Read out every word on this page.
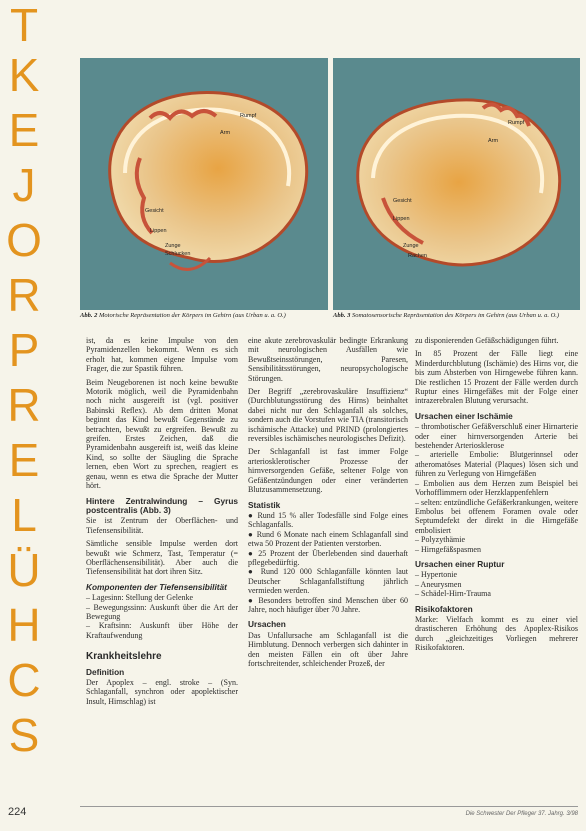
S
C
H
Ü
L
E
R
P
R
O
J
E
K
T
Rumpf
Arm
Gesicht
Lippen
Zunge
Schlucken
Abb. 2 Motorische Repräsentation der Körpers im Gehirn (aus Urban u. a. O.)
Rumpf
Arm
Gesicht
Lippen
Zunge
Rachen
Abb. 3 Somatosensorische Repräsentation des Körpers im Gehirn (aus Urban u. a. O.)

ist, da es keine Impulse von den Pyramidenzellen bekommt. Wenn es sich erholt hat, kommen eigene Impulse vom Frager, die zur Spastik führen.

Beim Neugeborenen ist noch keine bewußte Motorik möglich, weil die Pyramidenbahn noch nicht ausgereift ist (vgl. positiver Babinski Reflex). Ab dem dritten Monat beginnt das Kind bewußt Gegenstände zu betrachten, bewußt zu ergreifen. Bewußt zu greifen. Erstes Zeichen, daß die Pyramidenbahn ausgereift ist, weiß das kleine Kind, so sollte der Säugling die Sprache lernen, eben Wort zu sprechen, reagiert es genau, wenn es etwa die Sprache der Mutter hört.

Hintere Zentralwindung – Gyrus postcentralis (Abb. 3)

Sie ist Zentrum der Oberflächen- und Tiefensensibilität.

Sämtliche sensible Impulse werden dort bewußt wie Schmerz, Tast, Temperatur (= Oberflächensensibilität). Aber auch die Tiefensensibilität hat dort ihren Sitz.

Komponenten der Tiefensensibilität
– Lagesinn: Stellung der Gelenke
– Bewegungssinn: Auskunft über die Art der Bewegung
– Kraftsinn: Auskunft über Höhe der Kraftaufwendung
Krankheitslehre
Definition

Der Apoplex – engl. stroke – (Syn. Schlaganfall, synchron oder apoplektischer Insult, Hirnschlag) ist

eine akute zerebrovaskulär bedingte Erkrankung mit neurologischen Ausfällen wie Bewußtseinsstörungen, Paresen, Sensibilitätsstörungen, neuropsychologische Störungen.

Der Begriff „zerebrovaskuläre Insuffizienz“ (Durchblutungsstörung des Hirns) beinhaltet dabei nicht nur den Schlaganfall als solches, sondern auch die Vorstufen wie TIA (transitorisch ischämische Attacke) und PRIND (prolongiertes reversibles ischämisches neurologisches Defizit).

Der Schlaganfall ist fast immer Folge arteriosklerotischer Prozesse der hirnversorgenden Gefäße, seltener Folge von Gefäßentzündungen oder einer veränderten Blutzusammensetzung.

Statistik
● Rund 15 % aller Todesfälle sind Folge eines Schlaganfalls.
● Rund 6 Monate nach einem Schlaganfall sind etwa 50 Prozent der Patienten verstorben.
● 25 Prozent der Überlebenden sind dauerhaft pflegebedürftig.
● Rund 120 000 Schlaganfälle könnten laut Deutscher Schlaganfallstiftung jährlich vermieden werden.
● Besonders betroffen sind Menschen über 60 Jahre, noch häufiger über 70 Jahre.
Ursachen

Das Unfallursache am Schlaganfall ist die Hirnblutung. Dennoch verbergen sich dahinter in den meisten Fällen ein oft über Jahre fortschreitender, schleichender Prozeß, der

zu disponierenden Gefäßschädigungen führt.

In 85 Prozent der Fälle liegt eine Minderdurchblutung (Ischämie) des Hirns vor, die bis zum Absterben von Hirngewebe führen kann. Die restlichen 15 Prozent der Fälle werden durch Ruptur eines Hirngefäßes mit der Folge einer intrazerebralen Blutung verursacht.

Ursachen einer Ischämie
– thrombotischer Gefäßverschluß einer Hirnarterie oder einer hirnversorgenden Arterie bei bestehender Arteriosklerose
– arterielle Embolie: Blutgerinnsel oder atheromatöses Material (Plaques) lösen sich und führen zu Verlegung von Hirngefäßen
– Embolien aus dem Herzen zum Beispiel bei Vorhofflimmern oder Herzklappenfehlern
– selten: entzündliche Gefäßerkrankungen, weitere Embolus bei offenem Foramen ovale oder Septumdefekt der direkt in die Hirngefäße embolisiert
– Polyzythämie
– Hirngefäßspasmen
Ursachen einer Ruptur
– Hypertonie
– Aneurysmen
– Schädel-Hirn-Trauma
Risikofaktoren

Marke: Vielfach kommt es zu einer viel drastischeren Erhöhung des Apoplex-Risikos durch „gleichzeitiges Vorliegen mehrerer Risikofaktoren.

224	Die Schwester Der Pfleger 37. Jahrg. 3/98
